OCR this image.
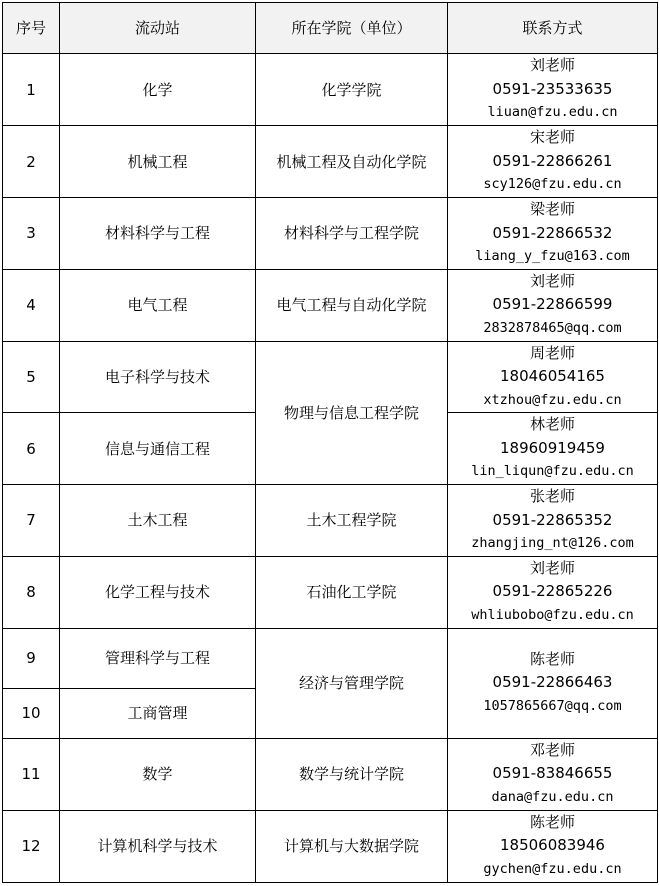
序号	流动站	所在学院（单位）	联系方式
1	化学	化学学院	刘老师
0591-23533635
liuan@fzu.edu.cn

2	机械工程	机械工程及自动化学院	宋老师
0591-22866261
scy126@fzu.edu.cn

3	材料科学与工程	材料科学与工程学院	梁老师
0591-22866532
liang_y_fzu@163.com

4	电气工程	电气工程与自动化学院	刘老师
0591-22866599
2832878465@qq.com

5	电子科学与技术	物理与信息工程学院	周老师
18046054165
xtzhou@fzu.edu.cn

6	信息与通信工程		林老师
18960919459
lin_liqun@fzu.edu.cn

7	土木工程	土木工程学院	张老师
0591-22865352
zhangjing_nt@126.com

8	化学工程与技术	石油化工学院	刘老师
0591-22865226
whliubobo@fzu.edu.cn

9	管理科学与工程	经济与管理学院	陈老师
0591-22866463
1057865667@qq.com

10	工商管理		
11	数学	数学与统计学院	邓老师
0591-83846655
dana@fzu.edu.cn

12	计算机科学与技术	计算机与大数据学院	陈老师
18506083946
gychen@fzu.edu.cn
